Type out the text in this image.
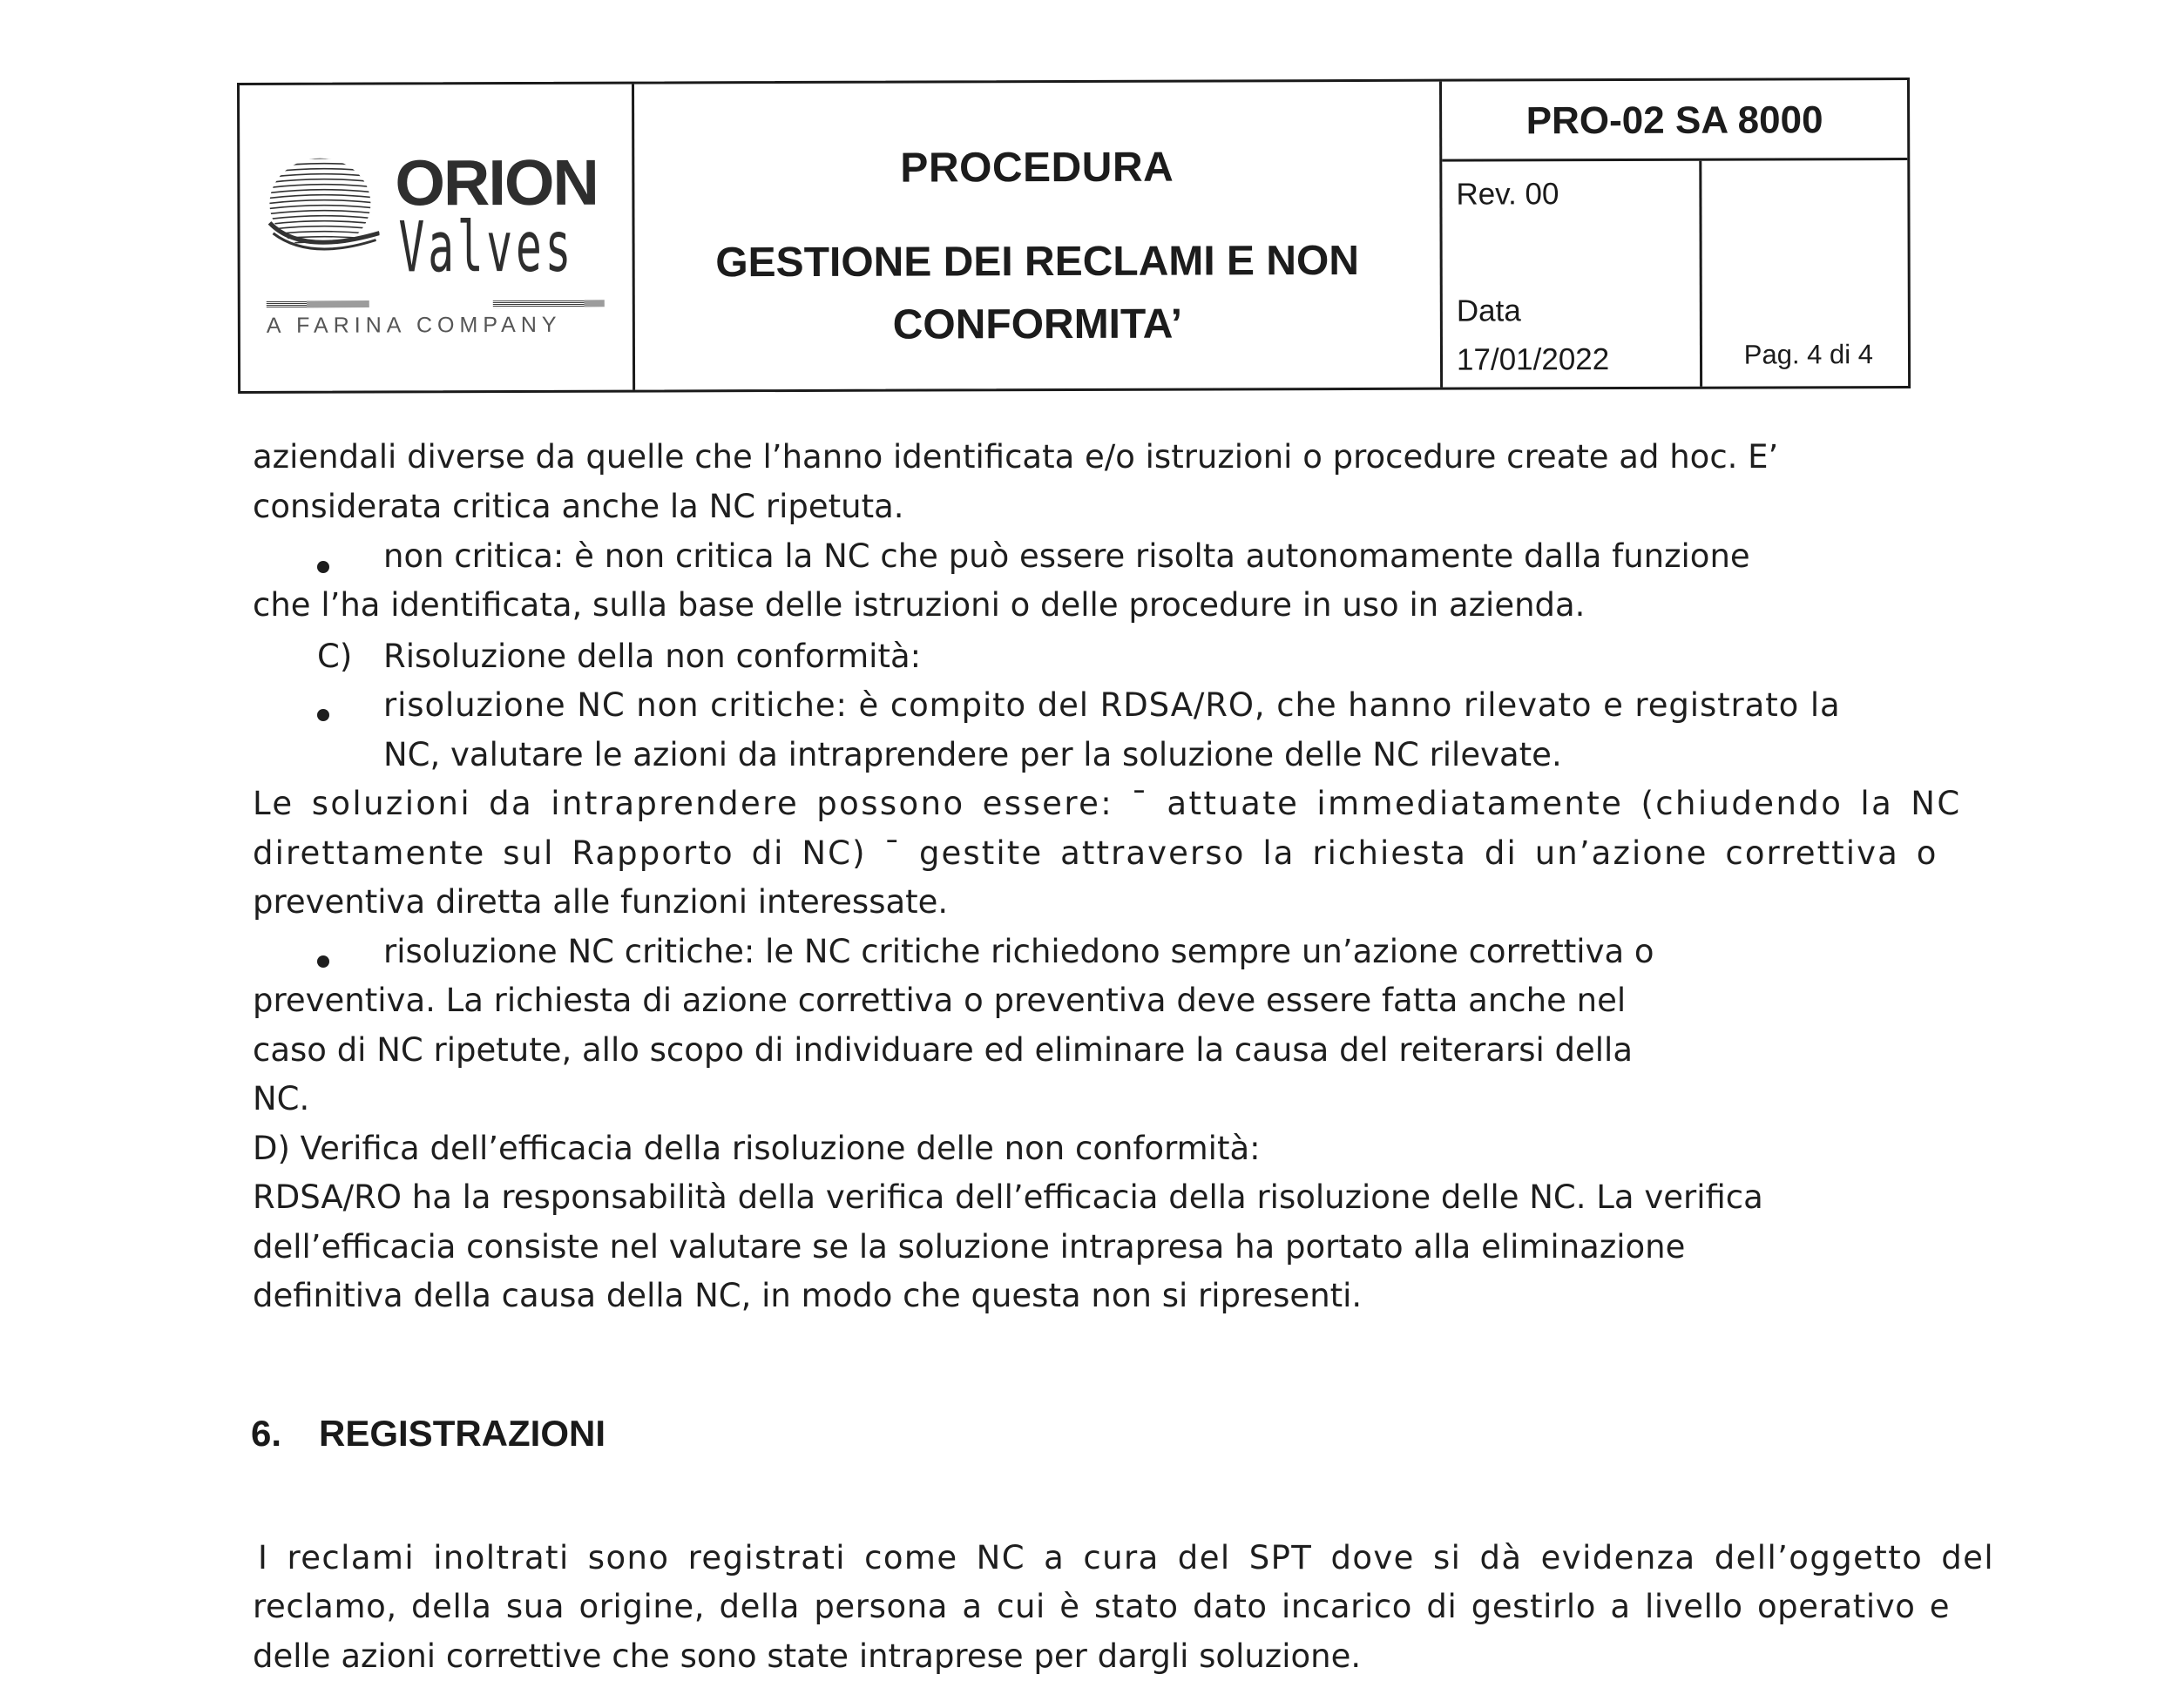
ORION
Valves
A FARINA COMPANY
PROCEDURA
GESTIONE DEI RECLAMI E NON
CONFORMITA’
PRO-02 SA 8000
Rev. 00
Data
17/01/2022	Pag. 4 di 4
aziendali diverse da quelle che l’hanno identificata e/o istruzioni o procedure create ad hoc. E’
considerata critica anche la NC ripetuta.
non critica: è non critica la NC che può essere risolta autonomamente dalla funzione
che l’ha identificata, sulla base delle istruzioni o delle procedure in uso in azienda.
C) Risoluzione della non conformità:
risoluzione NC non critiche: è compito del RDSA/RO, che hanno rilevato e registrato la
NC, valutare le azioni da intraprendere per la soluzione delle NC rilevate.
Le soluzioni da intraprendere possono essere: ˉ attuate immediatamente (chiudendo la NC
direttamente sul Rapporto di NC) ˉ gestite attraverso la richiesta di un’azione correttiva o
preventiva diretta alle funzioni interessate.
risoluzione NC critiche: le NC critiche richiedono sempre un’azione correttiva o
preventiva. La richiesta di azione correttiva o preventiva deve essere fatta anche nel
caso di NC ripetute, allo scopo di individuare ed eliminare la causa del reiterarsi della
NC.
D) Verifica dell’efficacia della risoluzione delle non conformità:
RDSA/RO ha la responsabilità della verifica dell’efficacia della risoluzione delle NC. La verifica
dell’efficacia consiste nel valutare se la soluzione intrapresa ha portato alla eliminazione
definitiva della causa della NC, in modo che questa non si ripresenti.
I reclami inoltrati sono registrati come NC a cura del SPT dove si dà evidenza dell’oggetto del
reclamo, della sua origine, della persona a cui è stato dato incarico di gestirlo a livello operativo e
delle azioni correttive che sono state intraprese per dargli soluzione.
6. REGISTRAZIONI
